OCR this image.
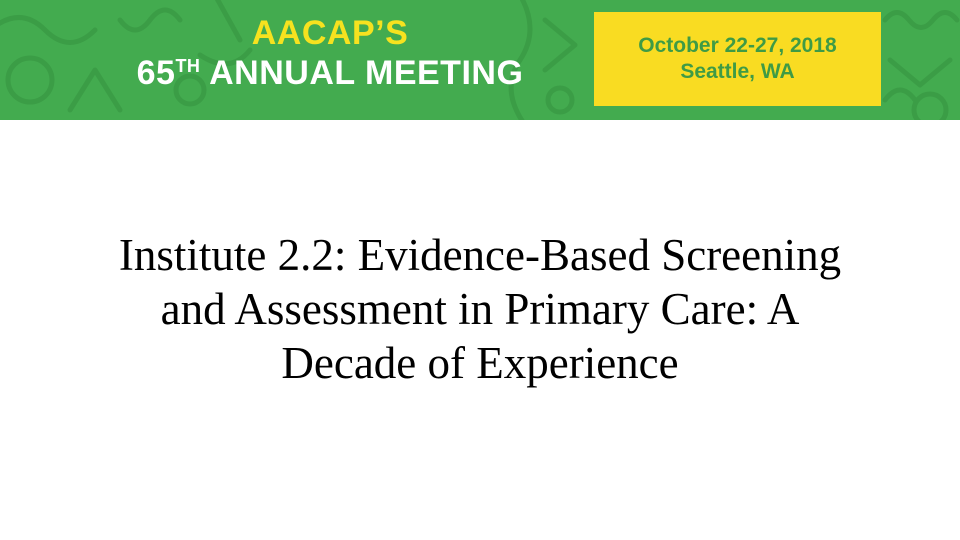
AACAP’S
65TH ANNUAL MEETING
October 22-27, 2018
Seattle, WA
Institute 2.2: Evidence-Based Screening
and Assessment in Primary Care: A
Decade of Experience
